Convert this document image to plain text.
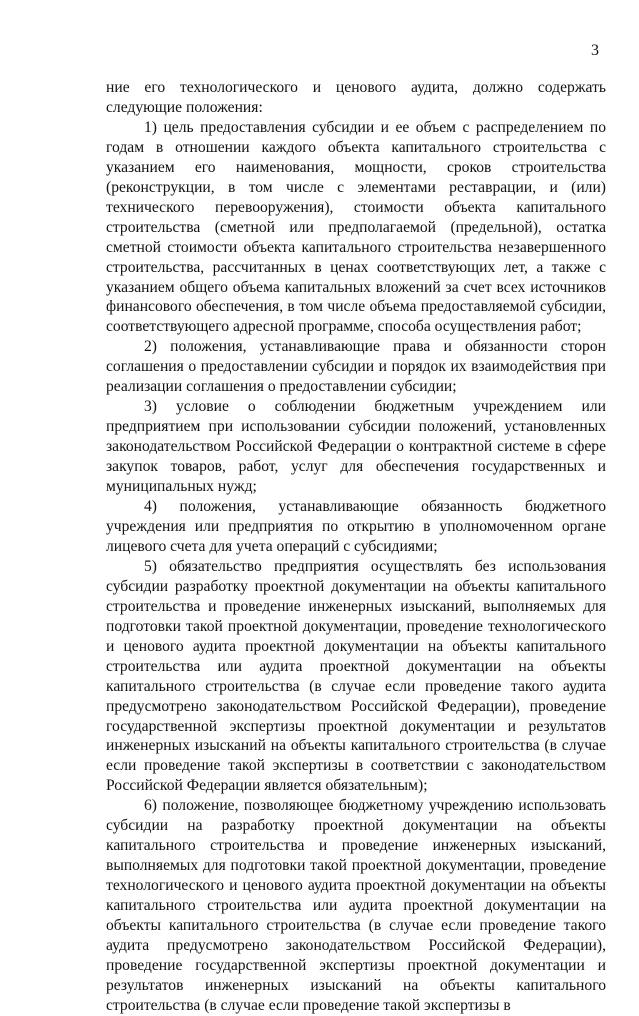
3

ние его технологического и ценового аудита, должно содержать следующие положения:

1) цель предоставления субсидии и ее объем с распределением по годам в отношении каждого объекта капитального строительства с указанием его наименования, мощности, сроков строительства (реконструкции, в том числе с элементами реставрации, и (или) технического перевооружения), стоимости объекта капитального строительства (сметной или предполагаемой (предельной), остатка сметной стоимости объекта капитального строительства незавершенного строительства, рассчитанных в ценах соответствующих лет, а также с указанием общего объема капитальных вложений за счет всех источников финансового обеспечения, в том числе объема предоставляемой субсидии, соответствующего адресной программе, способа осуществления работ;

2) положения, устанавливающие права и обязанности сторон соглашения о предоставлении субсидии и порядок их взаимодействия при реализации соглашения о предоставлении субсидии;

3) условие о соблюдении бюджетным учреждением или предприятием при использовании субсидии положений, установленных законодательством Российской Федерации о контрактной системе в сфере закупок товаров, работ, услуг для обеспечения государственных и муниципальных нужд;

4) положения, устанавливающие обязанность бюджетного учреждения или предприятия по открытию в уполномоченном органе лицевого счета для учета операций с субсидиями;

5) обязательство предприятия осуществлять без использования субсидии разработку проектной документации на объекты капитального строительства и проведение инженерных изысканий, выполняемых для подготовки такой проектной документации, проведение технологического и ценового аудита проектной документации на объекты капитального строительства или аудита проектной документации на объекты капитального строительства (в случае если проведение такого аудита предусмотрено законодательством Российской Федерации), проведение государственной экспертизы проектной документации и результатов инженерных изысканий на объекты капитального строительства (в случае если проведение такой экспертизы в соответствии с законодательством Российской Федерации является обязательным);

6) положение, позволяющее бюджетному учреждению использовать субсидии на разработку проектной документации на объекты капитального строительства и проведение инженерных изысканий, выполняемых для подготовки такой проектной документации, проведение технологического и ценового аудита проектной документации на объекты капитального строительства или аудита проектной документации на объекты капитального строительства (в случае если проведение такого аудита предусмотрено законодательством Российской Федерации), проведение государственной экспертизы проектной документации и результатов инженерных изысканий на объекты капитального строительства (в случае если проведение такой экспертизы в
